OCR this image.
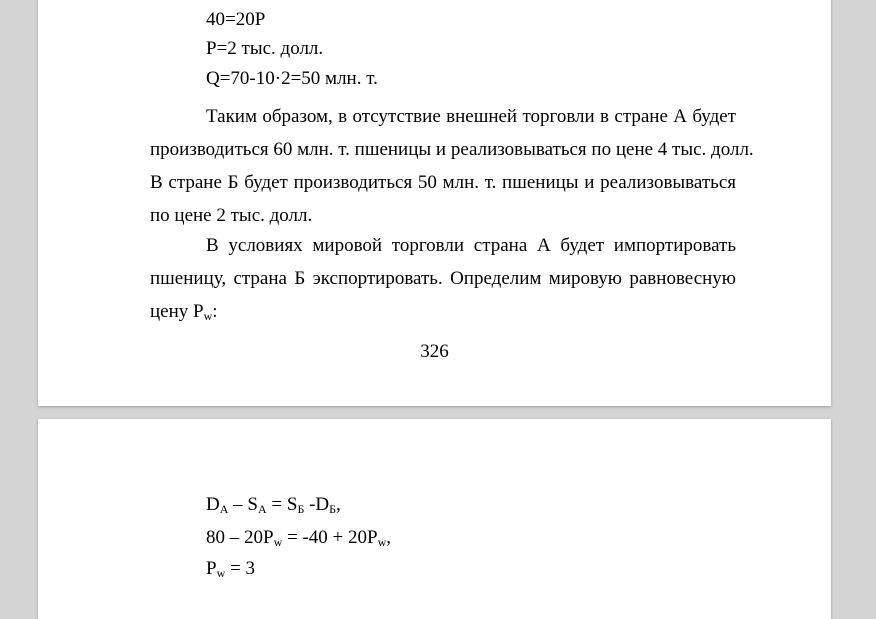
40=20P
P=2 тыс. долл.
Q=70-10·2=50 млн. т.
Таким образом, в отсутствие внешней торговли в стране А будет
производиться 60 млн. т. пшеницы и реализовываться по цене 4 тыс. долл.
В стране Б будет производиться 50 млн. т. пшеницы и реализовываться
по цене 2 тыс. долл.
В условиях мировой торговли страна А будет импортировать
пшеницу, страна Б экспортировать. Определим мировую равновесную
цену $P_w$:
326
$D_A - S_A = S_Б$ $-D_Б$,
$80 - 20P_w = -40 + 20P_w$,
$P_w = 3$
